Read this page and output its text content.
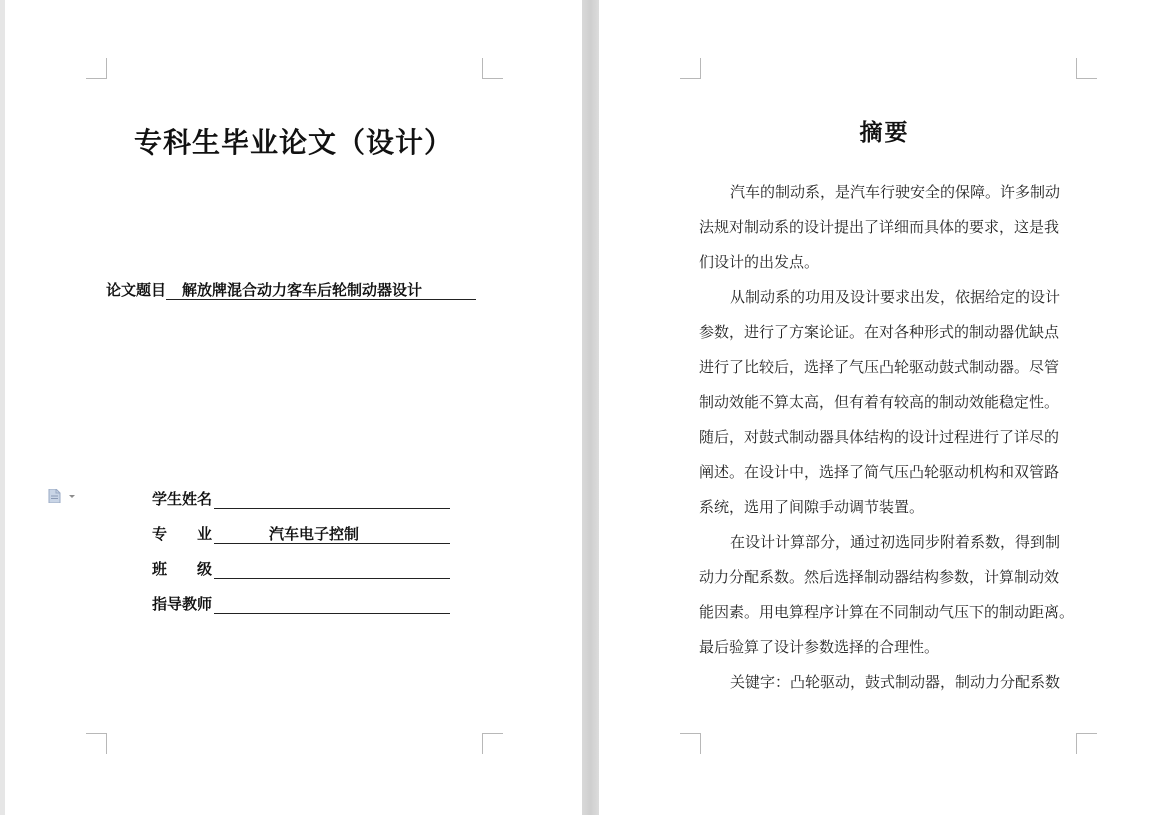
专科生毕业论文（设计）
论文题目 解放牌混合动力客车后轮制动器设计
学生姓名
专　　业	汽车电子控制
班　　级
指导教师
摘要
汽车的制动系，是汽车行驶安全的保障。许多制动
法规对制动系的设计提出了详细而具体的要求，这是我
们设计的出发点。
从制动系的功用及设计要求出发，依据给定的设计
参数，进行了方案论证。在对各种形式的制动器优缺点
进行了比较后，选择了气压凸轮驱动鼓式制动器。尽管
制动效能不算太高，但有着有较高的制动效能稳定性。
随后，对鼓式制动器具体结构的设计过程进行了详尽的
阐述。在设计中，选择了简气压凸轮驱动机构和双管路
系统，选用了间隙手动调节装置。
在设计计算部分，通过初选同步附着系数，得到制
动力分配系数。然后选择制动器结构参数，计算制动效
能因素。用电算程序计算在不同制动气压下的制动距离。
最后验算了设计参数选择的合理性。
关键字：凸轮驱动，鼓式制动器，制动力分配系数
